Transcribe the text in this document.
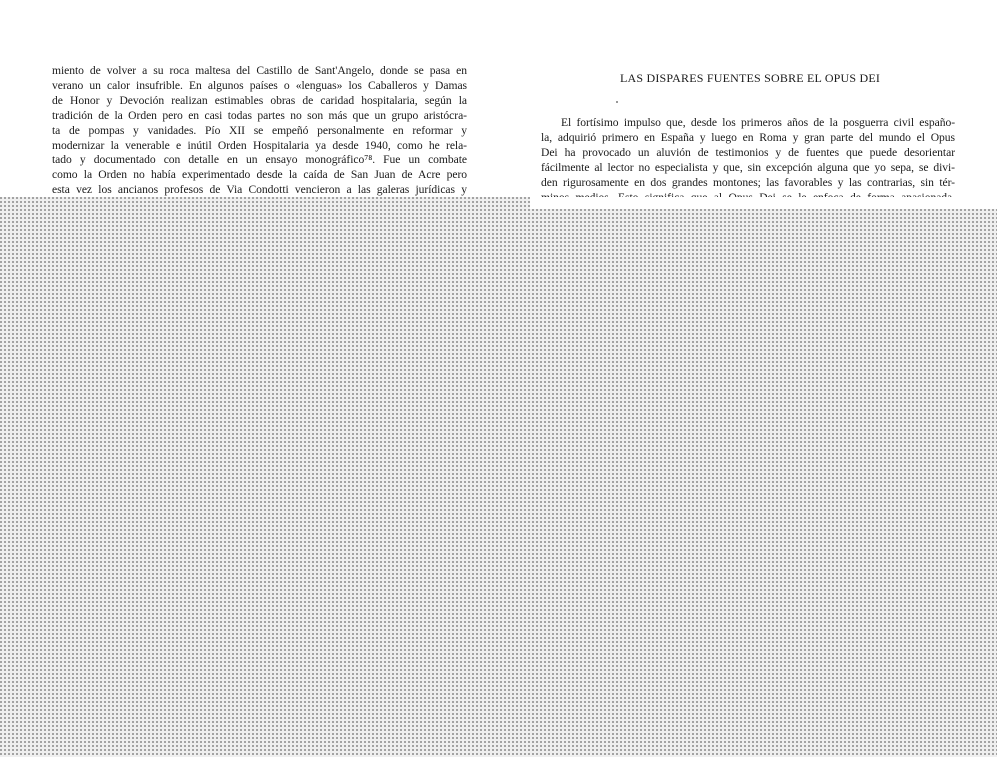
miento de volver a su roca maltesa del Castillo de Sant'Angelo, donde se pasa en
verano un calor insufrible. En algunos países o «lenguas» los Caballeros y Damas
de Honor y Devoción realizan estimables obras de caridad hospitalaria, según la
tradición de la Orden pero en casi todas partes no son más que un grupo aristócra-
ta de pompas y vanidades. Pío XII se empeñó personalmente en reformar y
modernizar la venerable e inútil Orden Hospitalaria ya desde 1940, como he rela-
tado y documentado con detalle en un ensayo monográfico⁷⁸. Fue un combate
como la Orden no había experimentado desde la caída de San Juan de Acre pero
esta vez los ancianos profesos de Via Condotti vencieron a las galeras jurídicas y
LAS DISPARES FUENTES SOBRE EL OPUS DEI
El fortísimo impulso que, desde los primeros años de la posguerra civil españo-
la, adquirió primero en España y luego en Roma y gran parte del mundo el Opus
Dei ha provocado un aluvión de testimonios y de fuentes que puede desorientar
fácilmente al lector no especialista y que, sin excepción alguna que yo sepa, se divi-
den rigurosamente en dos grandes montones; las favorables y las contrarias, sin tér-
